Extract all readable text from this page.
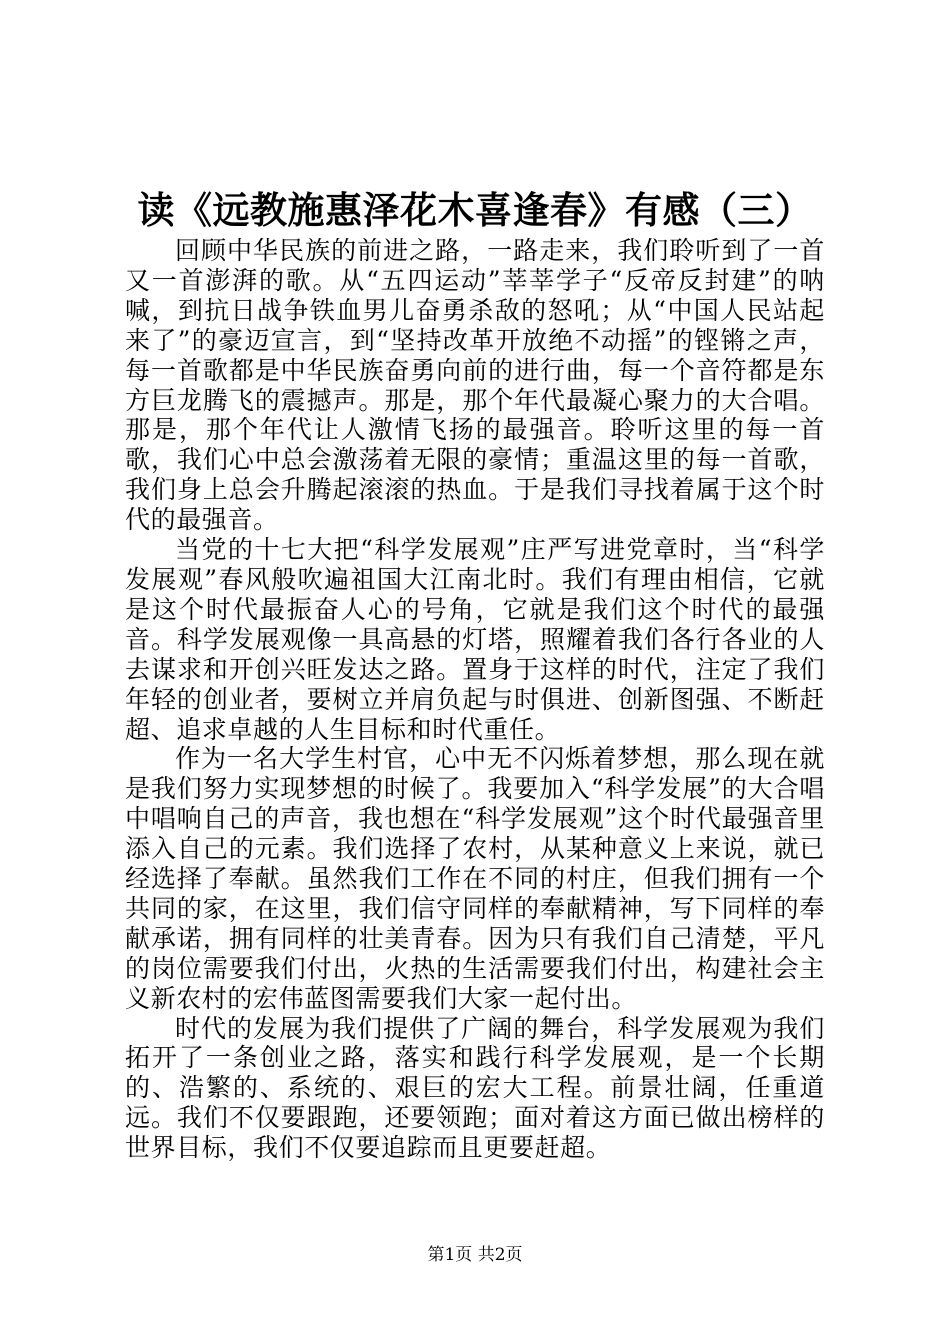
读《远教施惠泽花木喜逢春》有感（三）

回顾中华民族的前进之路，一路走来，我们聆听到了一首又一首澎湃的歌。从“五四运动”莘莘学子“反帝反封建”的呐喊，到抗日战争铁血男儿奋勇杀敌的怒吼；从“中国人民站起来了”的豪迈宣言，到“坚持改革开放绝不动摇”的铿锵之声，每一首歌都是中华民族奋勇向前的进行曲，每一个音符都是东方巨龙腾飞的震撼声。那是，那个年代最凝心聚力的大合唱。那是，那个年代让人激情飞扬的最强音。聆听这里的每一首歌，我们心中总会激荡着无限的豪情；重温这里的每一首歌，我们身上总会升腾起滚滚的热血。于是我们寻找着属于这个时代的最强音。

当党的十七大把“科学发展观”庄严写进党章时，当“科学发展观”春风般吹遍祖国大江南北时。我们有理由相信，它就是这个时代最振奋人心的号角，它就是我们这个时代的最强音。科学发展观像一具高悬的灯塔，照耀着我们各行各业的人去谋求和开创兴旺发达之路。置身于这样的时代，注定了我们年轻的创业者，要树立并肩负起与时俱进、创新图强、不断赶超、追求卓越的人生目标和时代重任。

作为一名大学生村官，心中无不闪烁着梦想，那么现在就是我们努力实现梦想的时候了。我要加入“科学发展”的大合唱中唱响自己的声音，我也想在“科学发展观”这个时代最强音里添入自己的元素。我们选择了农村，从某种意义上来说，就已经选择了奉献。虽然我们工作在不同的村庄，但我们拥有一个共同的家，在这里，我们信守同样的奉献精神，写下同样的奉献承诺，拥有同样的壮美青春。因为只有我们自己清楚，平凡的岗位需要我们付出，火热的生活需要我们付出，构建社会主义新农村的宏伟蓝图需要我们大家一起付出。

时代的发展为我们提供了广阔的舞台，科学发展观为我们拓开了一条创业之路，落实和践行科学发展观，是一个长期的、浩繁的、系统的、艰巨的宏大工程。前景壮阔，任重道远。我们不仅要跟跑，还要领跑；面对着这方面已做出榜样的世界目标，我们不仅要追踪而且更要赶超。

第1页 共2页
